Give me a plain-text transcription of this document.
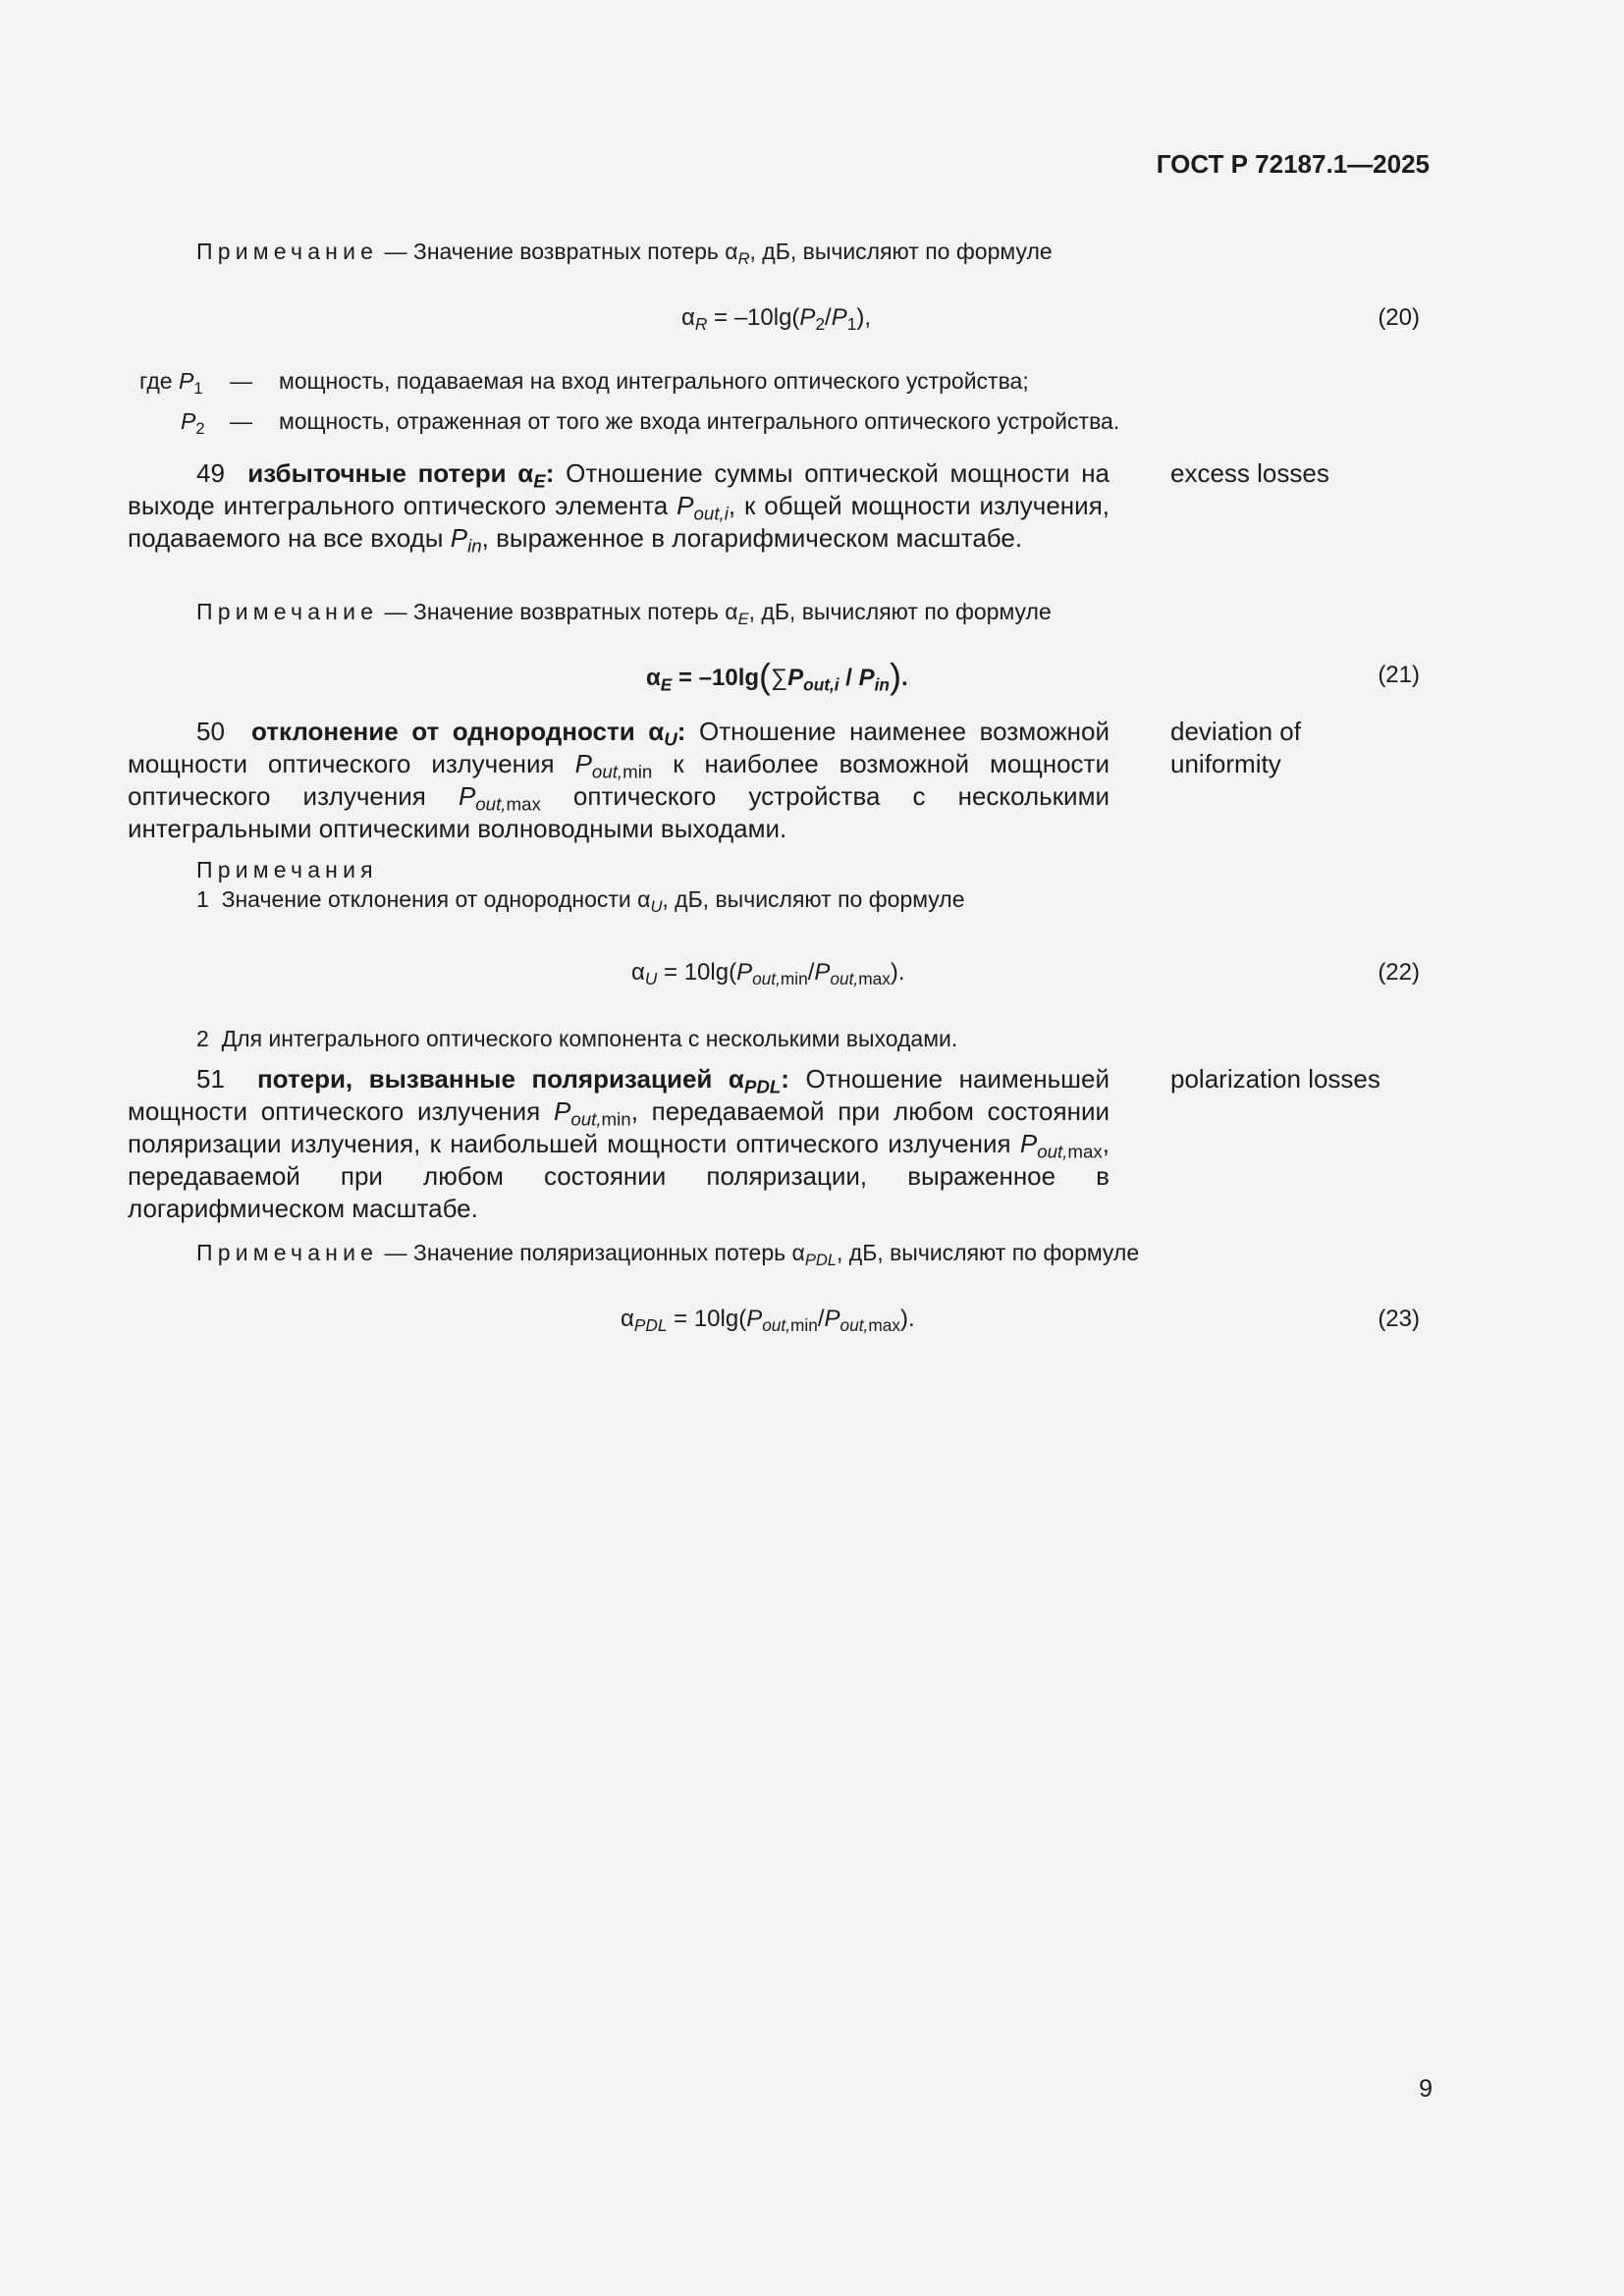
ГОСТ Р 72187.1—2025
Примечание — Значение возвратных потерь $\alpha_R$, дБ, вычисляют по формуле
$\alpha_R = -10\lg(P_2/P_1)$,	(20)
где $P_1$ — мощность, подаваемая на вход интегрального оптического устройства;
$P_2$ — мощность, отраженная от того же входа интегрального оптического устройства.

49 избыточные потери $\alpha_E$: Отношение суммы оптической мощности на выходе интегрального оптического элемента $P_{out,i}$, к общей мощности излучения, подаваемого на все входы $P_{in}$, выраженное в логарифмическом масштабе.

excess losses
Примечание — Значение возвратных потерь $\alpha_E$, дБ, вычисляют по формуле
$\alpha_E = -10\lg(\sum P_{out,i} / P_{in})$.	(21)

50 отклонение от однородности $\alpha_U$: Отношение наименее возможной мощности оптического излучения $P_{out,min}$ к наиболее возможной мощности оптического излучения $P_{out,max}$ оптического устройства с несколькими интегральными оптическими волноводными выходами.

deviation of
uniformity
Примечания
1 Значение отклонения от однородности $\alpha_U$, дБ, вычисляют по формуле
$\alpha_U = 10\lg(P_{out,min}/P_{out,max})$.	(22)
2 Для интегрального оптического компонента с несколькими выходами.

51 потери, вызванные поляризацией $\alpha_{PDL}$: Отношение наименьшей мощности оптического излучения $P_{out,min}$, передаваемой при любом состоянии поляризации излучения, к наибольшей мощности оптического излучения $P_{out,max}$, передаваемой при любом состоянии поляризации, выраженное в логарифмическом масштабе.

polarization losses
Примечание — Значение поляризационных потерь $\alpha_{PDL}$, дБ, вычисляют по формуле
$\alpha_{PDL} = 10\lg(P_{out,min}/P_{out,max})$.	(23)
9
